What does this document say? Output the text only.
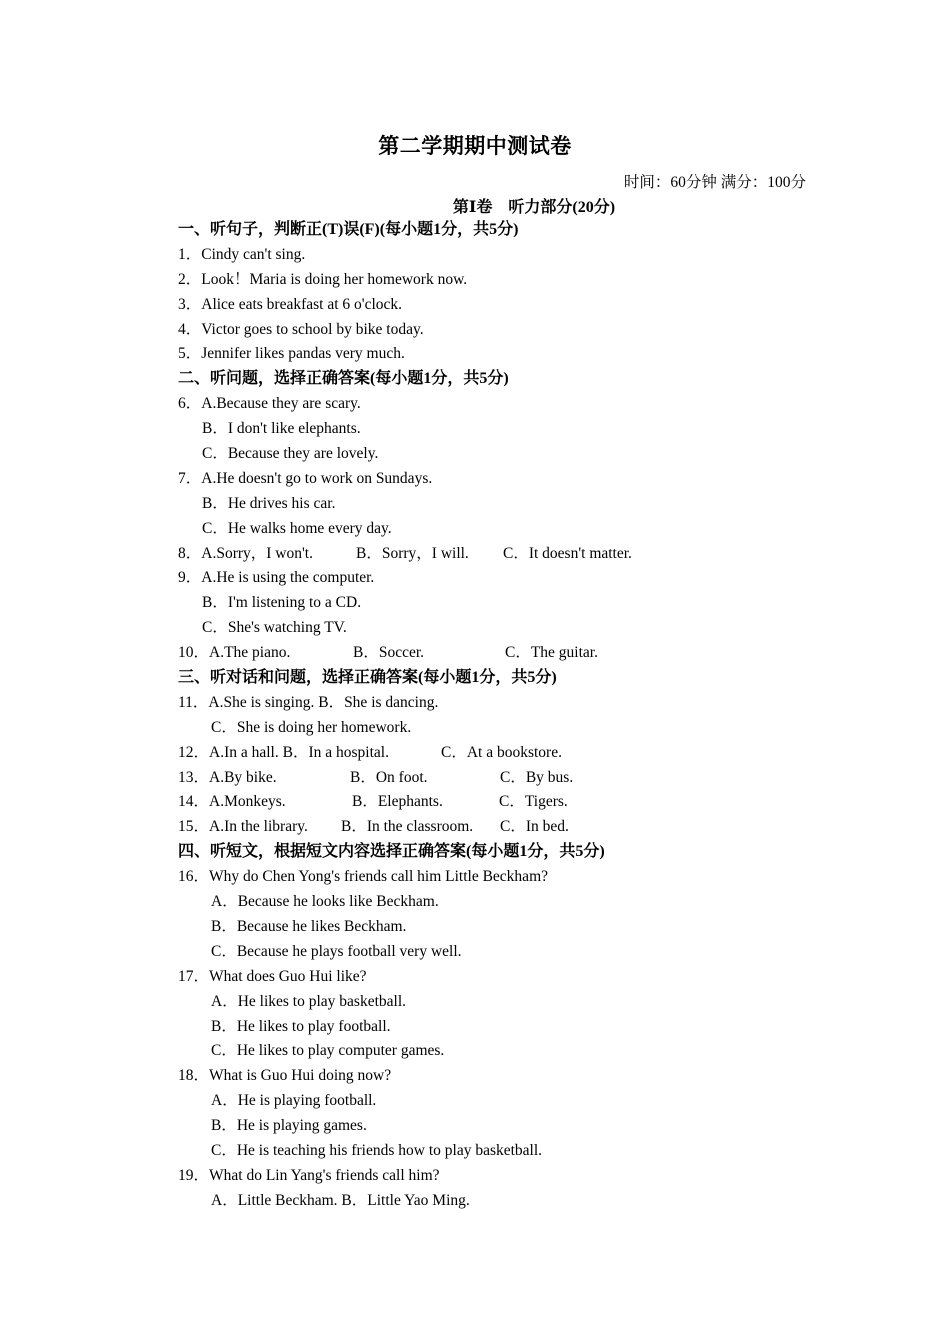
第二学期期中测试卷
时间：60分钟 满分：100分
第Ⅰ卷　听力部分(20分)
一、听句子，判断正(T)误(F)(每小题1分，共5分)
1．Cindy can't sing.
2．Look！Maria is doing her homework now.
3．Alice eats breakfast at 6 o'clock.
4．Victor goes to school by bike today.
5．Jennifer likes pandas very much.
二、听问题，选择正确答案(每小题1分，共5分)
6．A.Because they are scary.
B．I don't like elephants.
C．Because they are lovely.
7．A.He doesn't go to work on Sundays.
B．He drives his car.
C．He walks home every day.
8．A.Sorry，I won't.	B．Sorry，I will. C．It doesn't matter.
9．A.He is using the computer.
B．I'm listening to a CD.
C．She's watching TV.
10．A.The piano.	B．Soccer.	C．The guitar.
三、听对话和问题，选择正确答案(每小题1分，共5分)
11．A.She is singing. B．She is dancing.
C．She is doing her homework.
12．A.In a hall. B．In a hospital.	C．At a bookstore.
13．A.By bike.	B．On foot.	C．By bus.
14．A.Monkeys.	B．Elephants.	C．Tigers.
15．A.In the library. B．In the classroom. C．In bed.
四、听短文，根据短文内容选择正确答案(每小题1分，共5分)
16．Why do Chen Yong's friends call him Little Beckham?
A．Because he looks like Beckham.
B．Because he likes Beckham.
C．Because he plays football very well.
17．What does Guo Hui like?
A．He likes to play basketball.
B．He likes to play football.
C．He likes to play computer games.
18．What is Guo Hui doing now?
A．He is playing football.
B．He is playing games.
C．He is teaching his friends how to play basketball.
19．What do Lin Yang's friends call him?
A．Little Beckham. B．Little Yao Ming.
